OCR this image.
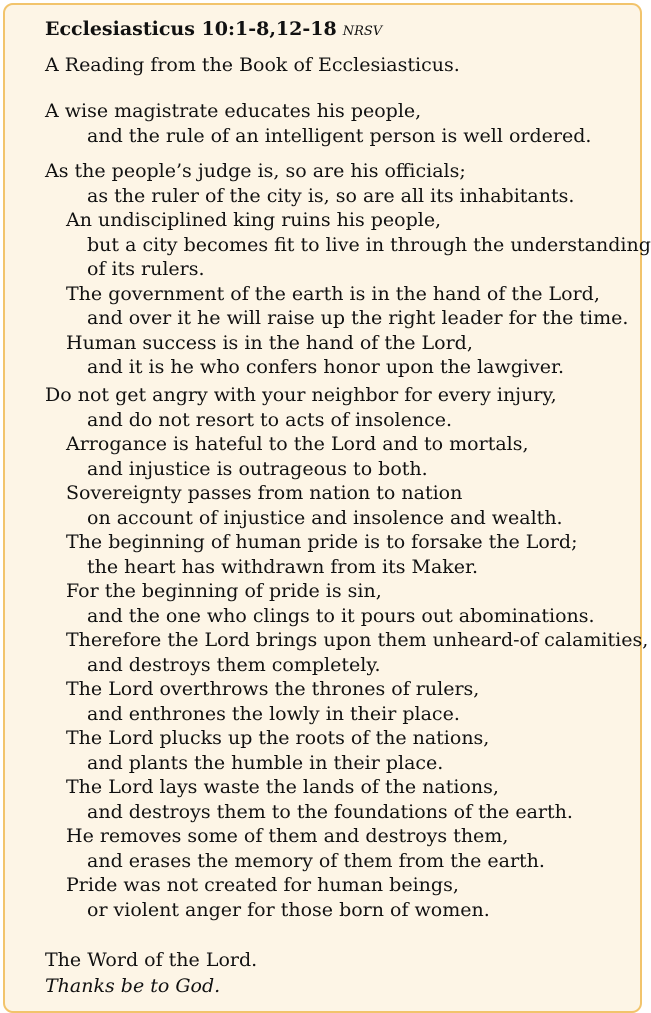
Ecclesiasticus 10:1-8,12-18 NRSV
A Reading from the Book of Ecclesiasticus.
A wise magistrate educates his people,
and the rule of an intelligent person is well ordered.
As the people’s judge is, so are his officials;
as the ruler of the city is, so are all its inhabitants.
An undisciplined king ruins his people,
but a city becomes fit to live in through the understanding
of its rulers.
The government of the earth is in the hand of the Lord,
and over it he will raise up the right leader for the time.
Human success is in the hand of the Lord,
and it is he who confers honor upon the lawgiver.
Do not get angry with your neighbor for every injury,
and do not resort to acts of insolence.
Arrogance is hateful to the Lord and to mortals,
and injustice is outrageous to both.
Sovereignty passes from nation to nation
on account of injustice and insolence and wealth.
The beginning of human pride is to forsake the Lord;
the heart has withdrawn from its Maker.
For the beginning of pride is sin,
and the one who clings to it pours out abominations.
Therefore the Lord brings upon them unheard-of calamities,
and destroys them completely.
The Lord overthrows the thrones of rulers,
and enthrones the lowly in their place.
The Lord plucks up the roots of the nations,
and plants the humble in their place.
The Lord lays waste the lands of the nations,
and destroys them to the foundations of the earth.
He removes some of them and destroys them,
and erases the memory of them from the earth.
Pride was not created for human beings,
or violent anger for those born of women.
The Word of the Lord.
Thanks be to God.
